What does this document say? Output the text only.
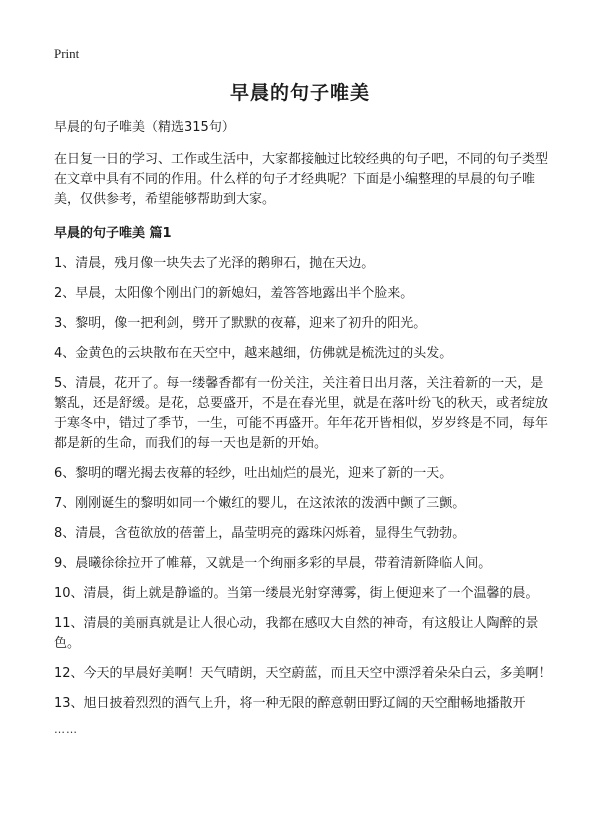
Print
早晨的句子唯美

早晨的句子唯美（精选315句）

在日复一日的学习、工作或生活中，大家都接触过比较经典的句子吧，不同的句子类型在文章中具有不同的作用。什么样的句子才经典呢？下面是小编整理的早晨的句子唯美，仅供参考，希望能够帮助到大家。

早晨的句子唯美 篇1

1、清晨，残月像一块失去了光泽的鹅卵石，抛在天边。

2、早晨，太阳像个刚出门的新媳妇，羞答答地露出半个脸来。

3、黎明，像一把利剑，劈开了默默的夜幕，迎来了初升的阳光。

4、金黄色的云块散布在天空中，越来越细，仿佛就是梳洗过的头发。

5、清晨，花开了。每一缕馨香都有一份关注，关注着日出月落，关注着新的一天，是繁乱，还是舒缓。是花，总要盛开，不是在春光里，就是在落叶纷飞的秋天，或者绽放于寒冬中，错过了季节，一生，可能不再盛开。年年花开皆相似，岁岁终是不同，每年都是新的生命，而我们的每一天也是新的开始。

6、黎明的曙光揭去夜幕的轻纱，吐出灿烂的晨光，迎来了新的一天。

7、刚刚诞生的黎明如同一个嫩红的婴儿，在这浓浓的泼洒中颤了三颤。

8、清晨，含苞欲放的蓓蕾上，晶莹明亮的露珠闪烁着，显得生气勃勃。

9、晨曦徐徐拉开了帷幕，又就是一个绚丽多彩的早晨，带着清新降临人间。

10、清晨，街上就是静谧的。当第一缕晨光射穿薄雾，街上便迎来了一个温馨的晨。

11、清晨的美丽真就是让人很心动，我都在感叹大自然的神奇，有这般让人陶醉的景色。

12、今天的早晨好美啊！天气晴朗，天空蔚蓝，而且天空中漂浮着朵朵白云，多美啊！

13、旭日披着烈烈的酒气上升，将一种无限的醉意朝田野辽阔的天空酣畅地播散开

……
